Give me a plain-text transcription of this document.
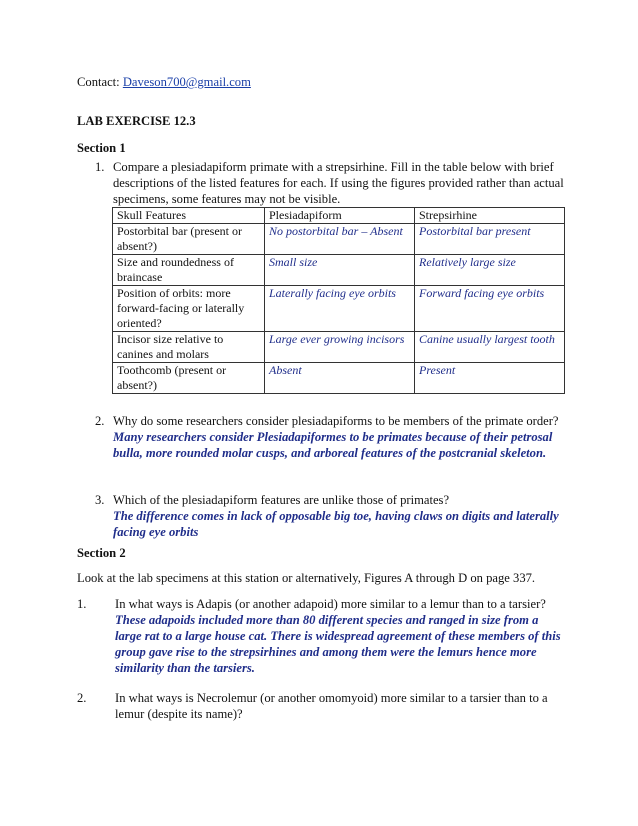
Contact: Daveson700@gmail.com
LAB EXERCISE 12.3
Section 1
1. Compare a plesiadapiform primate with a strepsirhine. Fill in the table below with brief descriptions of the listed features for each. If using the figures provided rather than actual specimens, some features may not be visible.
Skull Features	Plesiadapiform	Strepsirhine
Postorbital bar (present or absent?)	No postorbital bar – Absent	Postorbital bar present
Size and roundedness of braincase	Small size	Relatively large size
Position of orbits: more forward-facing or laterally oriented?	Laterally facing eye orbits	Forward facing eye orbits
Incisor size relative to canines and molars	Large ever growing incisors	Canine usually largest tooth
Toothcomb (present or absent?)	Absent	Present
2. Why do some researchers consider plesiadapiforms to be members of the primate order?
Many researchers consider Plesiadapiformes to be primates because of their petrosal bulla, more rounded molar cusps, and arboreal features of the postcranial skeleton.
3. Which of the plesiadapiform features are unlike those of primates?
The difference comes in lack of opposable big toe, having claws on digits and laterally facing eye orbits
Section 2
Look at the lab specimens at this station or alternatively, Figures A through D on page 337.
1. In what ways is Adapis (or another adapoid) more similar to a lemur than to a tarsier?
These adapoids included more than 80 different species and ranged in size from a large rat to a large house cat. There is widespread agreement of these members of this group gave rise to the strepsirhines and among them were the lemurs hence more similarity than the tarsiers.
2. In what ways is Necrolemur (or another omomyoid) more similar to a tarsier than to a lemur (despite its name)?
